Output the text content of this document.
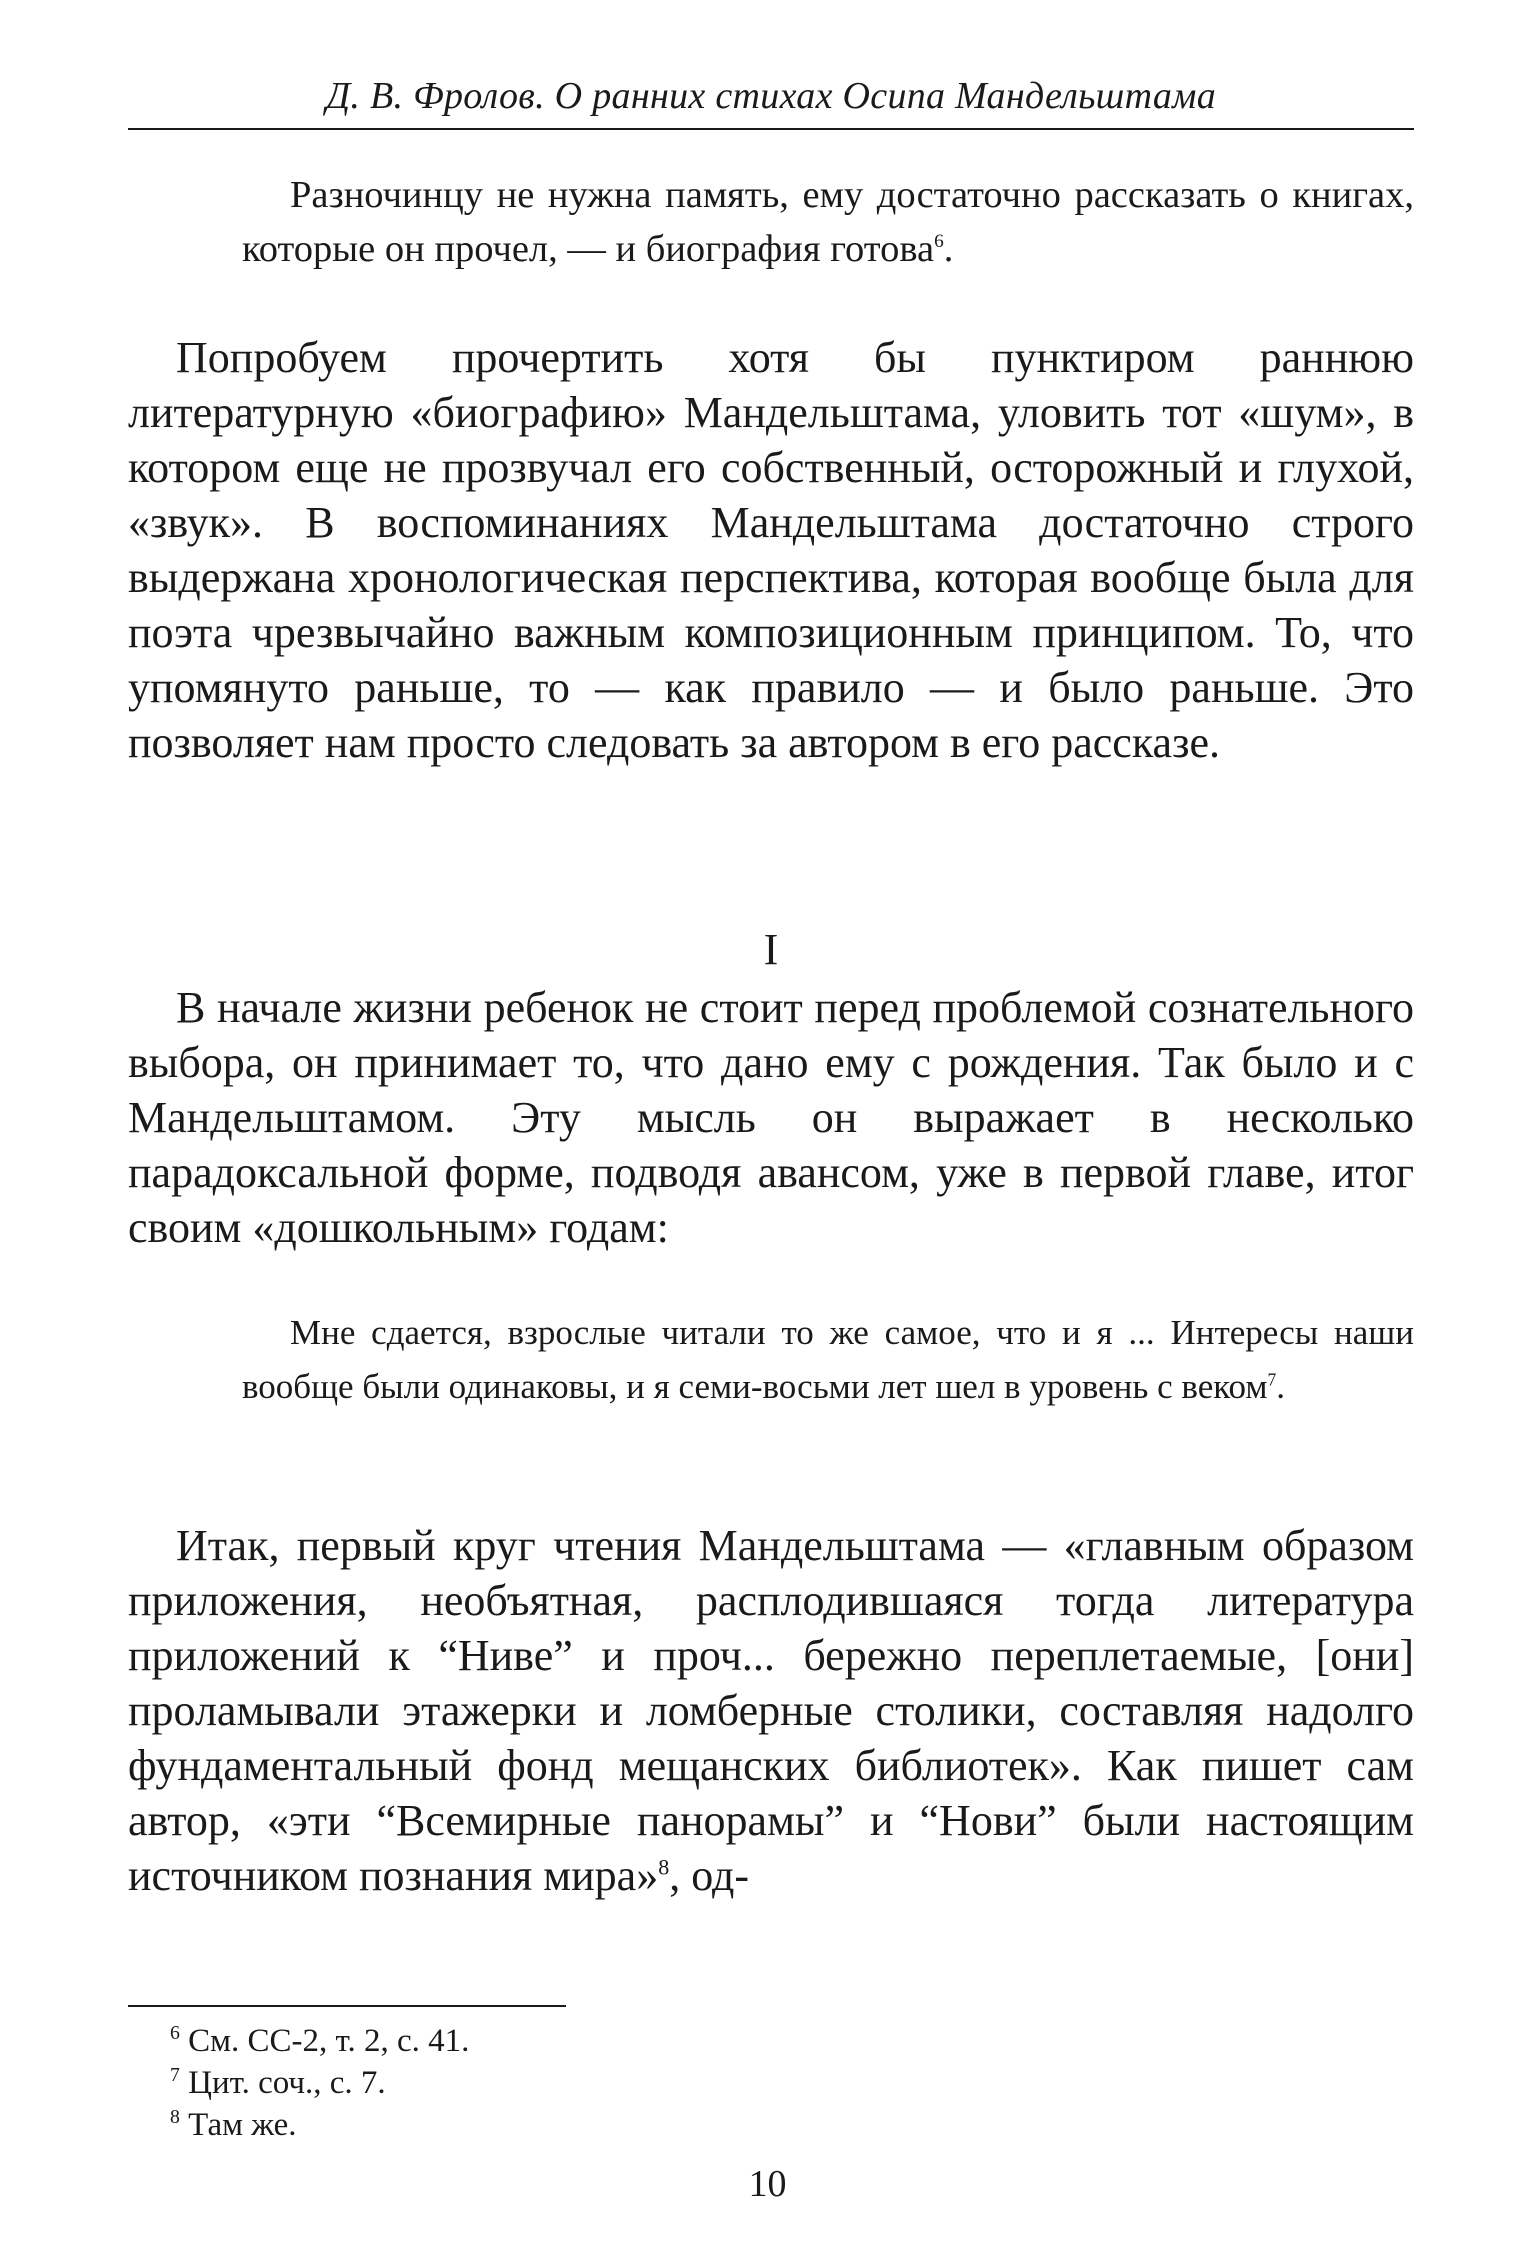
Д. В. Фролов. О ранних стихах Осипа Мандельштама
Разночинцу не нужна память, ему достаточно рассказать о книгах, которые он прочел, — и биография готова$^6$.
Попробуем прочертить хотя бы пунктиром раннюю литературную «биографию» Мандельштама, уловить тот «шум», в котором еще не прозвучал его собственный, осторожный и глухой, «звук». В воспоминаниях Мандельштама достаточно строго выдержана хронологическая перспектива, которая вообще была для поэта чрезвычайно важным композиционным принципом. То, что упомянуто раньше, то — как правило — и было раньше. Это позволяет нам просто следовать за автором в его рассказе.
I
В начале жизни ребенок не стоит перед проблемой сознательного выбора, он принимает то, что дано ему с рождения. Так было и с Мандельштамом. Эту мысль он выражает в несколько парадоксальной форме, подводя авансом, уже в первой главе, итог своим «дошкольным» годам:
Мне сдается, взрослые читали то же самое, что и я ... Интересы наши вообще были одинаковы, и я семи-восьми лет шел в уровень с веком$^7$.
Итак, первый круг чтения Мандельштама — «главным образом приложения, необъятная, расплодившаяся тогда литература приложений к “Ниве” и проч... бережно переплетаемые, [они] проламывали этажерки и ломберные столики, составляя надолго фундаментальный фонд мещанских библиотек». Как пишет сам автор, «эти “Всемирные панорамы” и “Нови” были настоящим источником познания мира»$^8$, од-
$^6$ См. СС-2, т. 2, с. 41.
$^7$ Цит. соч., с. 7.
$^8$ Там же.
10
